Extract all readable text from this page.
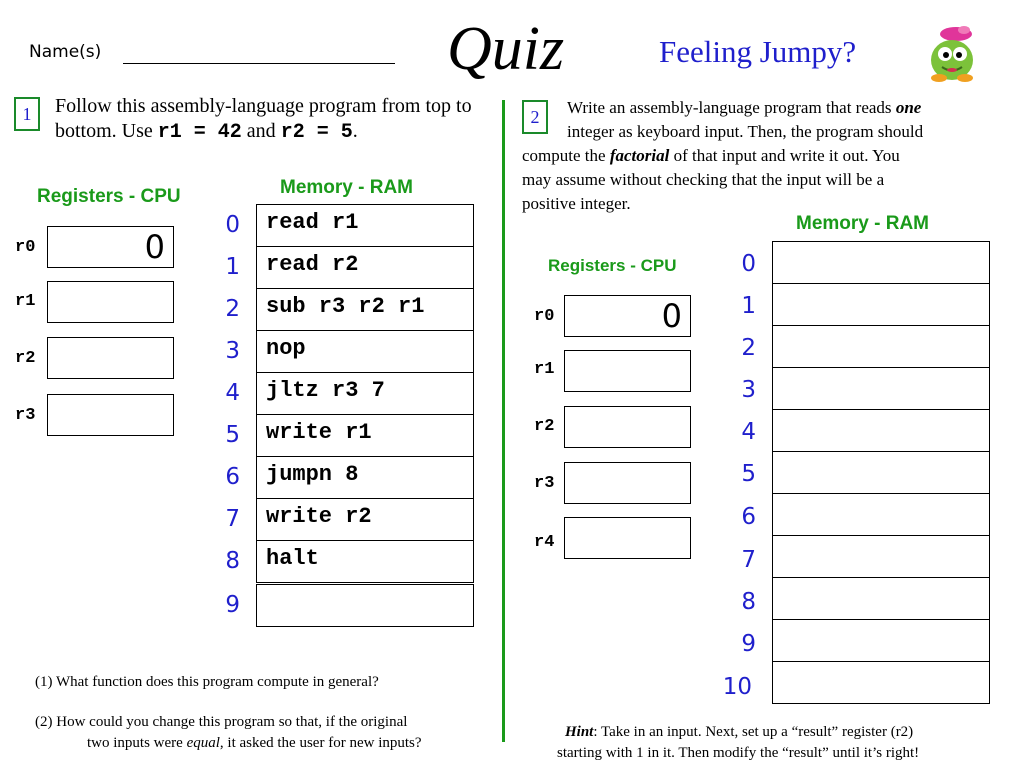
Name(s)	Quiz	Feeling Jumpy?
1	Follow this assembly-language program from top to bottom. Use r1 = 42 and r2 = 5.
Registers - CPU	Memory - RAM
r0	0
r1
r2
r3
0	read r1
1	read r2
2	sub r3 r2 r1
3	nop
4	jltz r3 7
5	write r1
6	jumpn 8
7	write r2
8	halt
9
(1) What function does this program compute in general?
(2) How could you change this program so that, if the original
two inputs were equal, it asked the user for new inputs?
2	Write an assembly-language program that reads one
integer as keyboard input. Then, the program should
compute the factorial of that input and write it out. You
may assume without checking that the input will be a
positive integer.
Registers - CPU
Memory - RAM
r0	0
r1
r2
r3
r4
0
1
2
3
4
5
6
7
8
9
10
Hint: Take in an input. Next, set up a “result” register (r2)
starting with 1 in it. Then modify the “result” until it’s right!
